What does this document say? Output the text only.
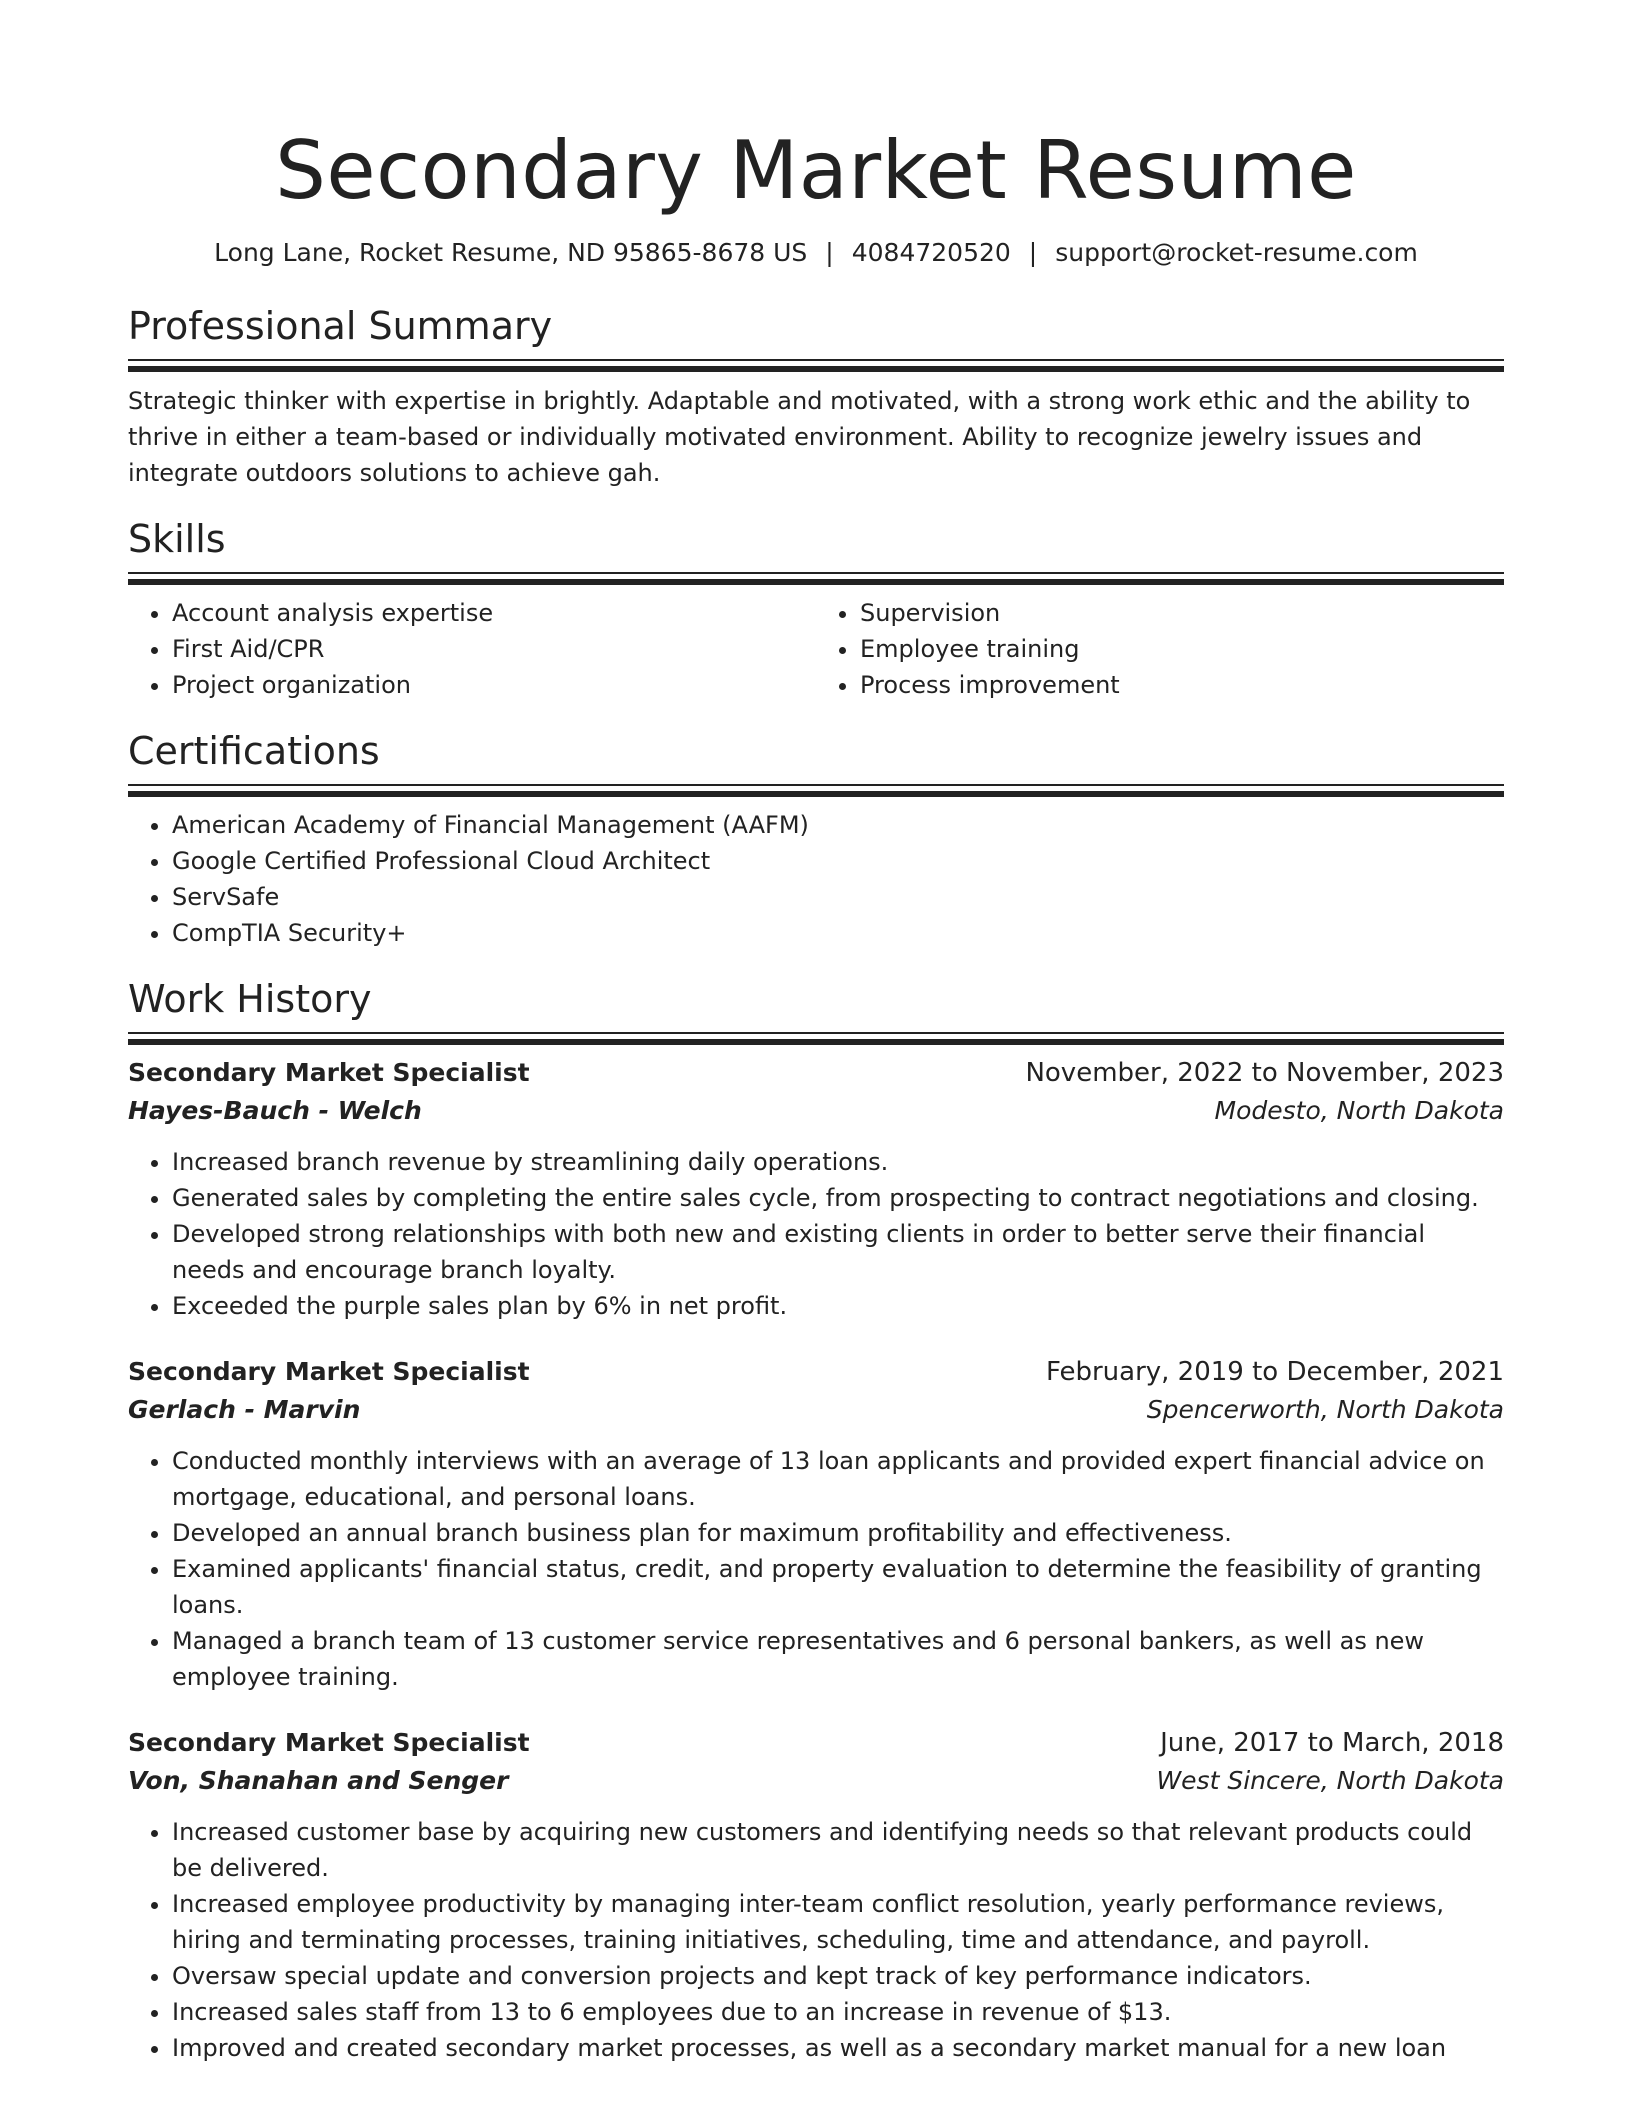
Secondary Market Resume
Long Lane, Rocket Resume, ND 95865-8678 US | 4084720520 | support@rocket-resume.com
Professional Summary

Strategic thinker with expertise in brightly. Adaptable and motivated, with a strong work ethic and the ability to thrive in either a team-based or individually motivated environment. Ability to recognize jewelry issues and integrate outdoors solutions to achieve gah.

Skills
• Account analysis expertise
• First Aid/CPR
• Project organization
• Supervision
• Employee training
• Process improvement
Certifications
• American Academy of Financial Management (AAFM)
• Google Certified Professional Cloud Architect
• ServSafe
• CompTIA Security+
Work History
Secondary Market Specialist	November, 2022 to November, 2023
Hayes-Bauch - Welch	Modesto, North Dakota
• Increased branch revenue by streamlining daily operations.
• Generated sales by completing the entire sales cycle, from prospecting to contract negotiations and closing.
• Developed strong relationships with both new and existing clients in order to better serve their financial needs and encourage branch loyalty.
• Exceeded the purple sales plan by 6% in net profit.
Secondary Market Specialist	February, 2019 to December, 2021
Gerlach - Marvin	Spencerworth, North Dakota
• Conducted monthly interviews with an average of 13 loan applicants and provided expert financial advice on mortgage, educational, and personal loans.
• Developed an annual branch business plan for maximum profitability and effectiveness.
• Examined applicants' financial status, credit, and property evaluation to determine the feasibility of granting loans.
• Managed a branch team of 13 customer service representatives and 6 personal bankers, as well as new employee training.
Secondary Market Specialist	June, 2017 to March, 2018
Von, Shanahan and Senger	West Sincere, North Dakota
• Increased customer base by acquiring new customers and identifying needs so that relevant products could be delivered.
• Increased employee productivity by managing inter-team conflict resolution, yearly performance reviews, hiring and terminating processes, training initiatives, scheduling, time and attendance, and payroll.
• Oversaw special update and conversion projects and kept track of key performance indicators.
• Increased sales staff from 13 to 6 employees due to an increase in revenue of $13.
• Improved and created secondary market processes, as well as a secondary market manual for a new loan
